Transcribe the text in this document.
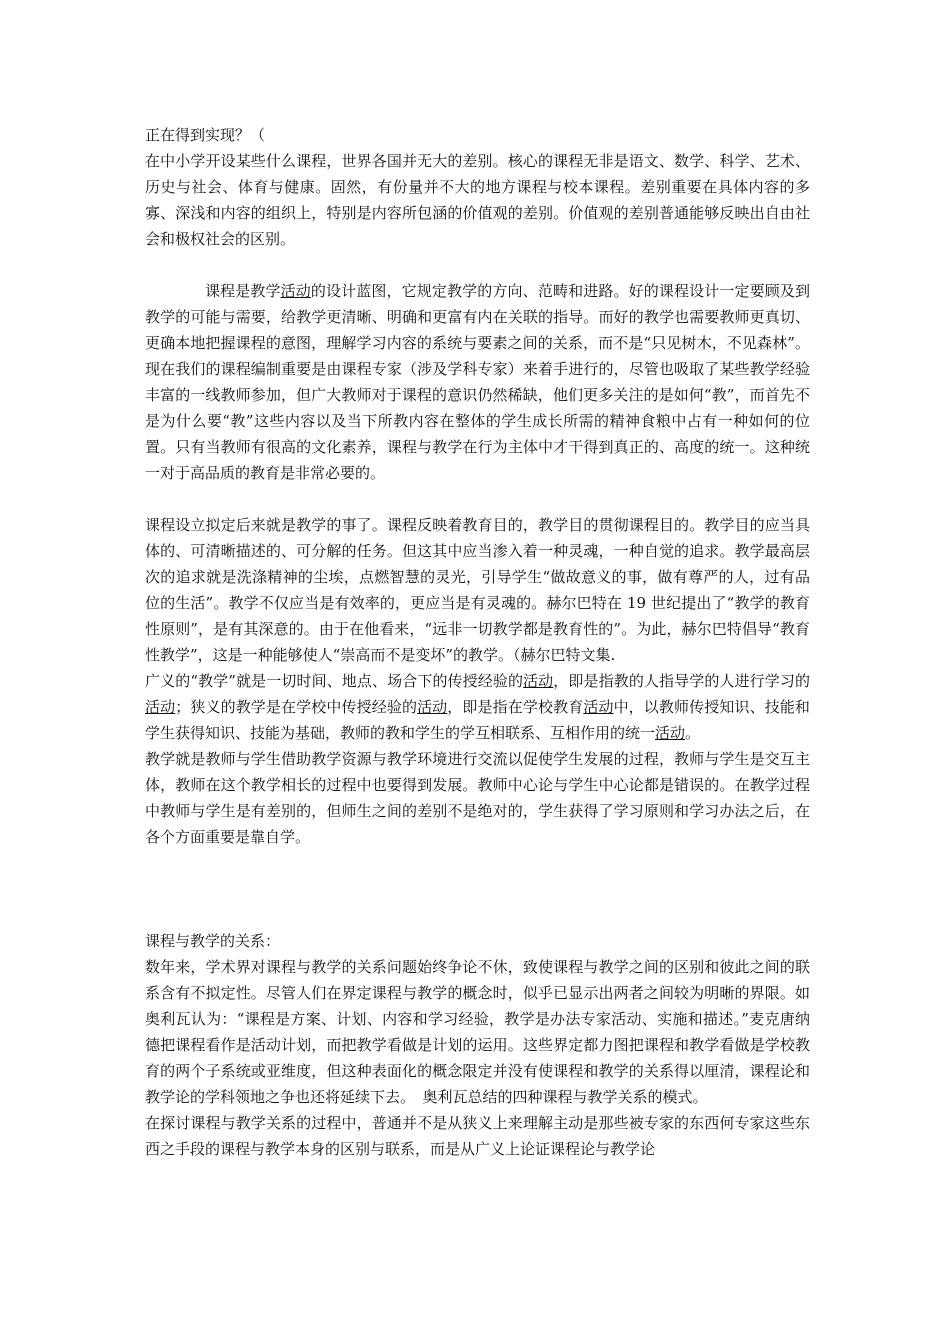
正在得到实现？（

在中小学开设某些什么课程，世界各国并无大的差别。核心的课程无非是语文、数学、科学、艺术、历史与社会、体育与健康。固然，有份量并不大的地方课程与校本课程。差别重要在具体内容的多寡、深浅和内容的组织上，特别是内容所包涵的价值观的差别。价值观的差别普通能够反映出自由社会和极权社会的区别。

课程是教学活动的设计蓝图，它规定教学的方向、范畴和进路。好的课程设计一定要顾及到教学的可能与需要，给教学更清晰、明确和更富有内在关联的指导。而好的教学也需要教师更真切、更确本地把握课程的意图，理解学习内容的系统与要素之间的关系，而不是“只见树木，不见森林”。现在我们的课程编制重要是由课程专家（涉及学科专家）来着手进行的，尽管也吸取了某些教学经验丰富的一线教师参加，但广大教师对于课程的意识仍然稀缺，他们更多关注的是如何“教”，而首先不是为什么要“教”这些内容以及当下所教内容在整体的学生成长所需的精神食粮中占有一种如何的位置。只有当教师有很高的文化素养，课程与教学在行为主体中才干得到真正的、高度的统一。这种统一对于高品质的教育是非常必要的。

课程设立拟定后来就是教学的事了。课程反映着教育目的，教学目的贯彻课程目的。教学目的应当具体的、可清晰描述的、可分解的任务。但这其中应当渗入着一种灵魂，一种自觉的追求。教学最高层次的追求就是洗涤精神的尘埃，点燃智慧的灵光，引导学生“做故意义的事，做有尊严的人，过有品位的生活”。教学不仅应当是有效率的，更应当是有灵魂的。赫尔巴特在 19 世纪提出了“教学的教育性原则”，是有其深意的。由于在他看来，“远非一切教学都是教育性的”。为此，赫尔巴特倡导“教育性教学”，这是一种能够使人“崇高而不是变坏”的教学。（赫尔巴特文集.

广义的“教学”就是一切时间、地点、场合下的传授经验的活动，即是指教的人指导学的人进行学习的活动；狭义的教学是在学校中传授经验的活动，即是指在学校教育活动中，以教师传授知识、技能和学生获得知识、技能为基础，教师的教和学生的学互相联系、互相作用的统一活动。

教学就是教师与学生借助教学资源与教学环境进行交流以促使学生发展的过程，教师与学生是交互主体，教师在这个教学相长的过程中也要得到发展。教师中心论与学生中心论都是错误的。在教学过程中教师与学生是有差别的，但师生之间的差别不是绝对的，学生获得了学习原则和学习办法之后，在各个方面重要是靠自学。

课程与教学的关系：

数年来，学术界对课程与教学的关系问题始终争论不休，致使课程与教学之间的区别和彼此之间的联系含有不拟定性。尽管人们在界定课程与教学的概念时，似乎已显示出两者之间较为明晰的界限。如奥利瓦认为：“课程是方案、计划、内容和学习经验，教学是办法专家活动、实施和描述。”麦克唐纳德把课程看作是活动计划，而把教学看做是计划的运用。这些界定都力图把课程和教学看做是学校教育的两个子系统或亚维度，但这种表面化的概念限定并没有使课程和教学的关系得以厘清，课程论和教学论的学科领地之争也还将延续下去。　奥利瓦总结的四种课程与教学关系的模式。

在探讨课程与教学关系的过程中，普通并不是从狭义上来理解主动是那些被专家的东西何专家这些东西之手段的课程与教学本身的区别与联系，而是从广义上论证课程论与教学论
